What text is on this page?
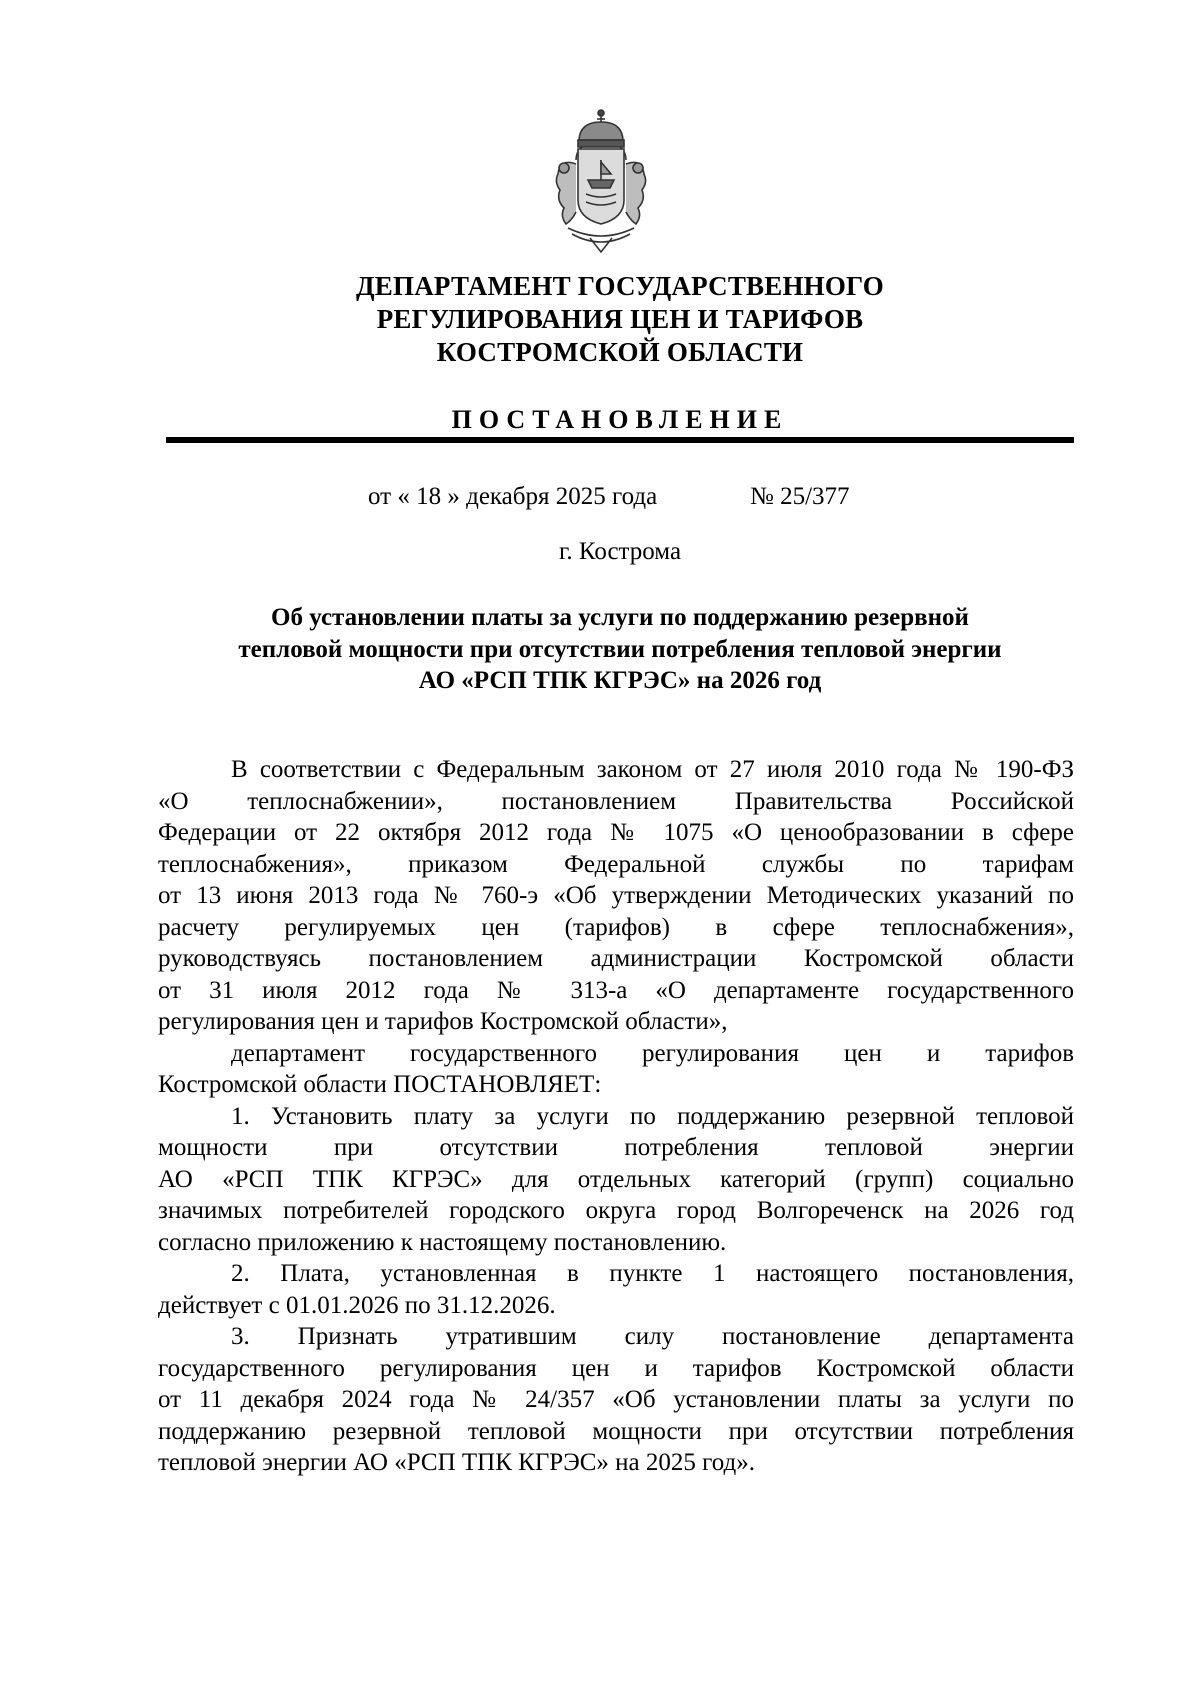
ДЕПАРТАМЕНТ ГОСУДАРСТВЕННОГО
РЕГУЛИРОВАНИЯ ЦЕН И ТАРИФОВ
КОСТРОМСКОЙ ОБЛАСТИ
ПОСТАНОВЛЕНИЕ
от « 18 » декабря 2025 года	№ 25/377
г. Кострома
Об установлении платы за услуги по поддержанию резервной
тепловой мощности при отсутствии потребления тепловой энергии
АО «РСП ТПК КГРЭС» на 2026 год
В соответствии с Федеральным законом от 27 июля 2010 года № 190-ФЗ
«О теплоснабжении», постановлением Правительства Российской
Федерации от 22 октября 2012 года № 1075 «О ценообразовании в сфере
теплоснабжения», приказом Федеральной службы по тарифам
от 13 июня 2013 года № 760-э «Об утверждении Методических указаний по
расчету регулируемых цен (тарифов) в сфере теплоснабжения»,
руководствуясь постановлением администрации Костромской области
от 31 июля 2012 года № 313-а «О департаменте государственного
регулирования цен и тарифов Костромской области»,
департамент государственного регулирования цен и тарифов
Костромской области ПОСТАНОВЛЯЕТ:
1. Установить плату за услуги по поддержанию резервной тепловой
мощности при отсутствии потребления тепловой энергии
АО «РСП ТПК КГРЭС» для отдельных категорий (групп) социально
значимых потребителей городского округа город Волгореченск на 2026 год
согласно приложению к настоящему постановлению.
2. Плата, установленная в пункте 1 настоящего постановления,
действует с 01.01.2026 по 31.12.2026.
3. Признать утратившим силу постановление департамента
государственного регулирования цен и тарифов Костромской области
от 11 декабря 2024 года № 24/357 «Об установлении платы за услуги по
поддержанию резервной тепловой мощности при отсутствии потребления
тепловой энергии АО «РСП ТПК КГРЭС» на 2025 год».
